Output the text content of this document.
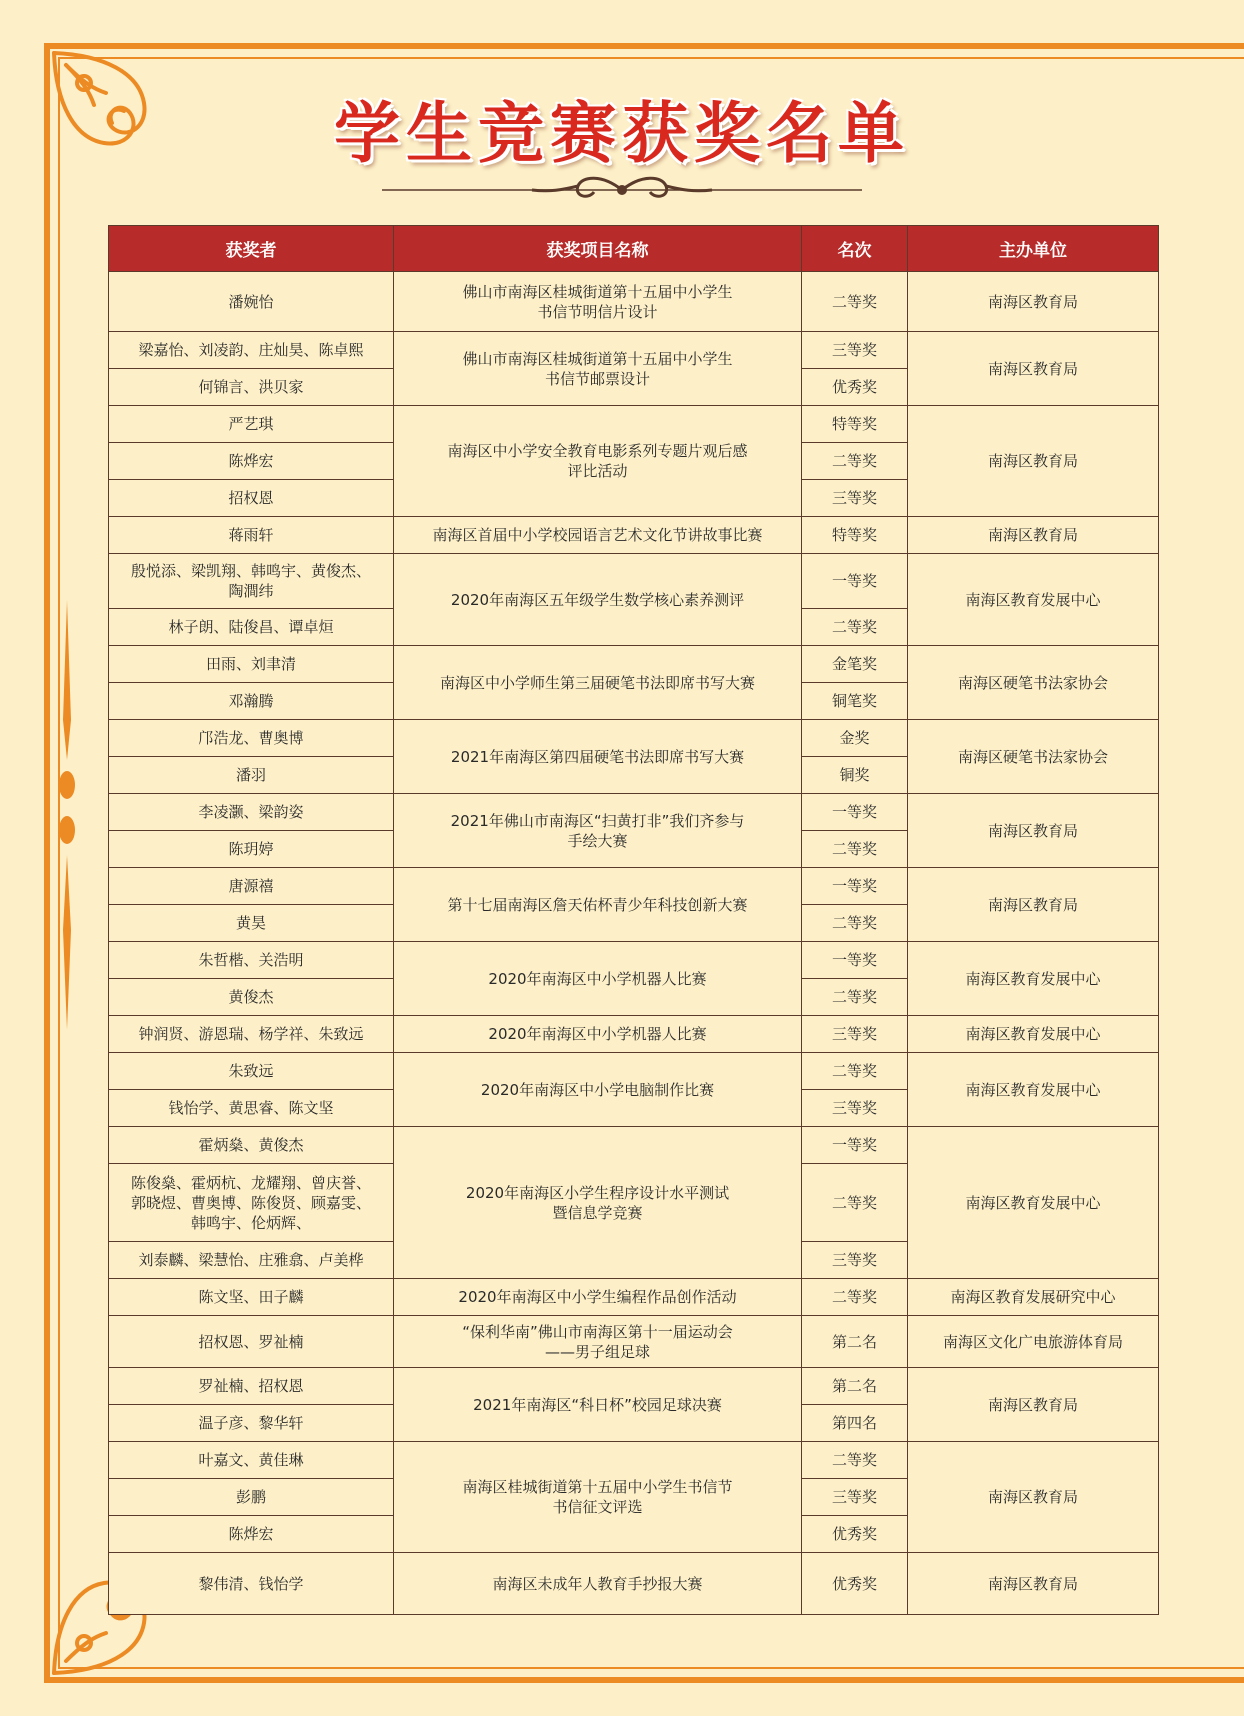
学生竞赛获奖名单
获奖者	获奖项目名称	名次	主办单位
潘婉怡	佛山市南海区桂城街道第十五届中小学生
书信节明信片设计	二等奖	南海区教育局
梁嘉怡、刘凌韵、庄灿昊、陈卓熙	佛山市南海区桂城街道第十五届中小学生
书信节邮票设计	三等奖	南海区教育局
何锦言、洪贝家		优秀奖	
严艺琪	南海区中小学安全教育电影系列专题片观后感
评比活动	特等奖	南海区教育局
陈烨宏		二等奖	
招权恩		三等奖	
蒋雨轩	南海区首届中小学校园语言艺术文化节讲故事比赛	特等奖	南海区教育局
殷悦添、梁凯翔、韩鸣宇、黄俊杰、
陶澗纬	2020年南海区五年级学生数学核心素养测评	一等奖	南海区教育发展中心
林子朗、陆俊昌、谭卓烜		二等奖	
田雨、刘聿清	南海区中小学师生第三届硬笔书法即席书写大赛	金笔奖	南海区硬笔书法家协会
邓瀚腾		铜笔奖	
邝浩龙、曹奥博	2021年南海区第四届硬笔书法即席书写大赛	金奖	南海区硬笔书法家协会
潘羽		铜奖	
李凌灏、梁韵姿	2021年佛山市南海区“扫黄打非”我们齐参与
手绘大赛	一等奖	南海区教育局
陈玥婷		二等奖	
唐源禧	第十七届南海区詹天佑杯青少年科技创新大赛	一等奖	南海区教育局
黄昊		二等奖	
朱哲楷、关浩明	2020年南海区中小学机器人比赛	一等奖	南海区教育发展中心
黄俊杰		二等奖	
钟润贤、游恩瑞、杨学祥、朱致远	2020年南海区中小学机器人比赛	三等奖	南海区教育发展中心
朱致远	2020年南海区中小学电脑制作比赛	二等奖	南海区教育发展中心
钱怡学、黄思睿、陈文坚		三等奖	
霍炳燊、黄俊杰	2020年南海区小学生程序设计水平测试
暨信息学竞赛	一等奖	南海区教育发展中心
陈俊燊、霍炳杭、龙耀翔、曾庆誉、
郭晓煜、曹奥博、陈俊贤、顾嘉雯、
韩鸣宇、伦炳辉、		二等奖	
刘泰麟、梁慧怡、庄雅翕、卢美桦		三等奖	
陈文坚、田子麟	2020年南海区中小学生编程作品创作活动	二等奖	南海区教育发展研究中心
招权恩、罗祉楠	“保利华南”佛山市南海区第十一届运动会
——男子组足球	第二名	南海区文化广电旅游体育局
罗祉楠、招权恩	2021年南海区“科日杯”校园足球决赛	第二名	南海区教育局
温子彦、黎华轩		第四名	
叶嘉文、黄佳琳	南海区桂城街道第十五届中小学生书信节
书信征文评选	二等奖	南海区教育局
彭鹏		三等奖	
陈烨宏		优秀奖	
黎伟清、钱怡学	南海区未成年人教育手抄报大赛	优秀奖	南海区教育局
